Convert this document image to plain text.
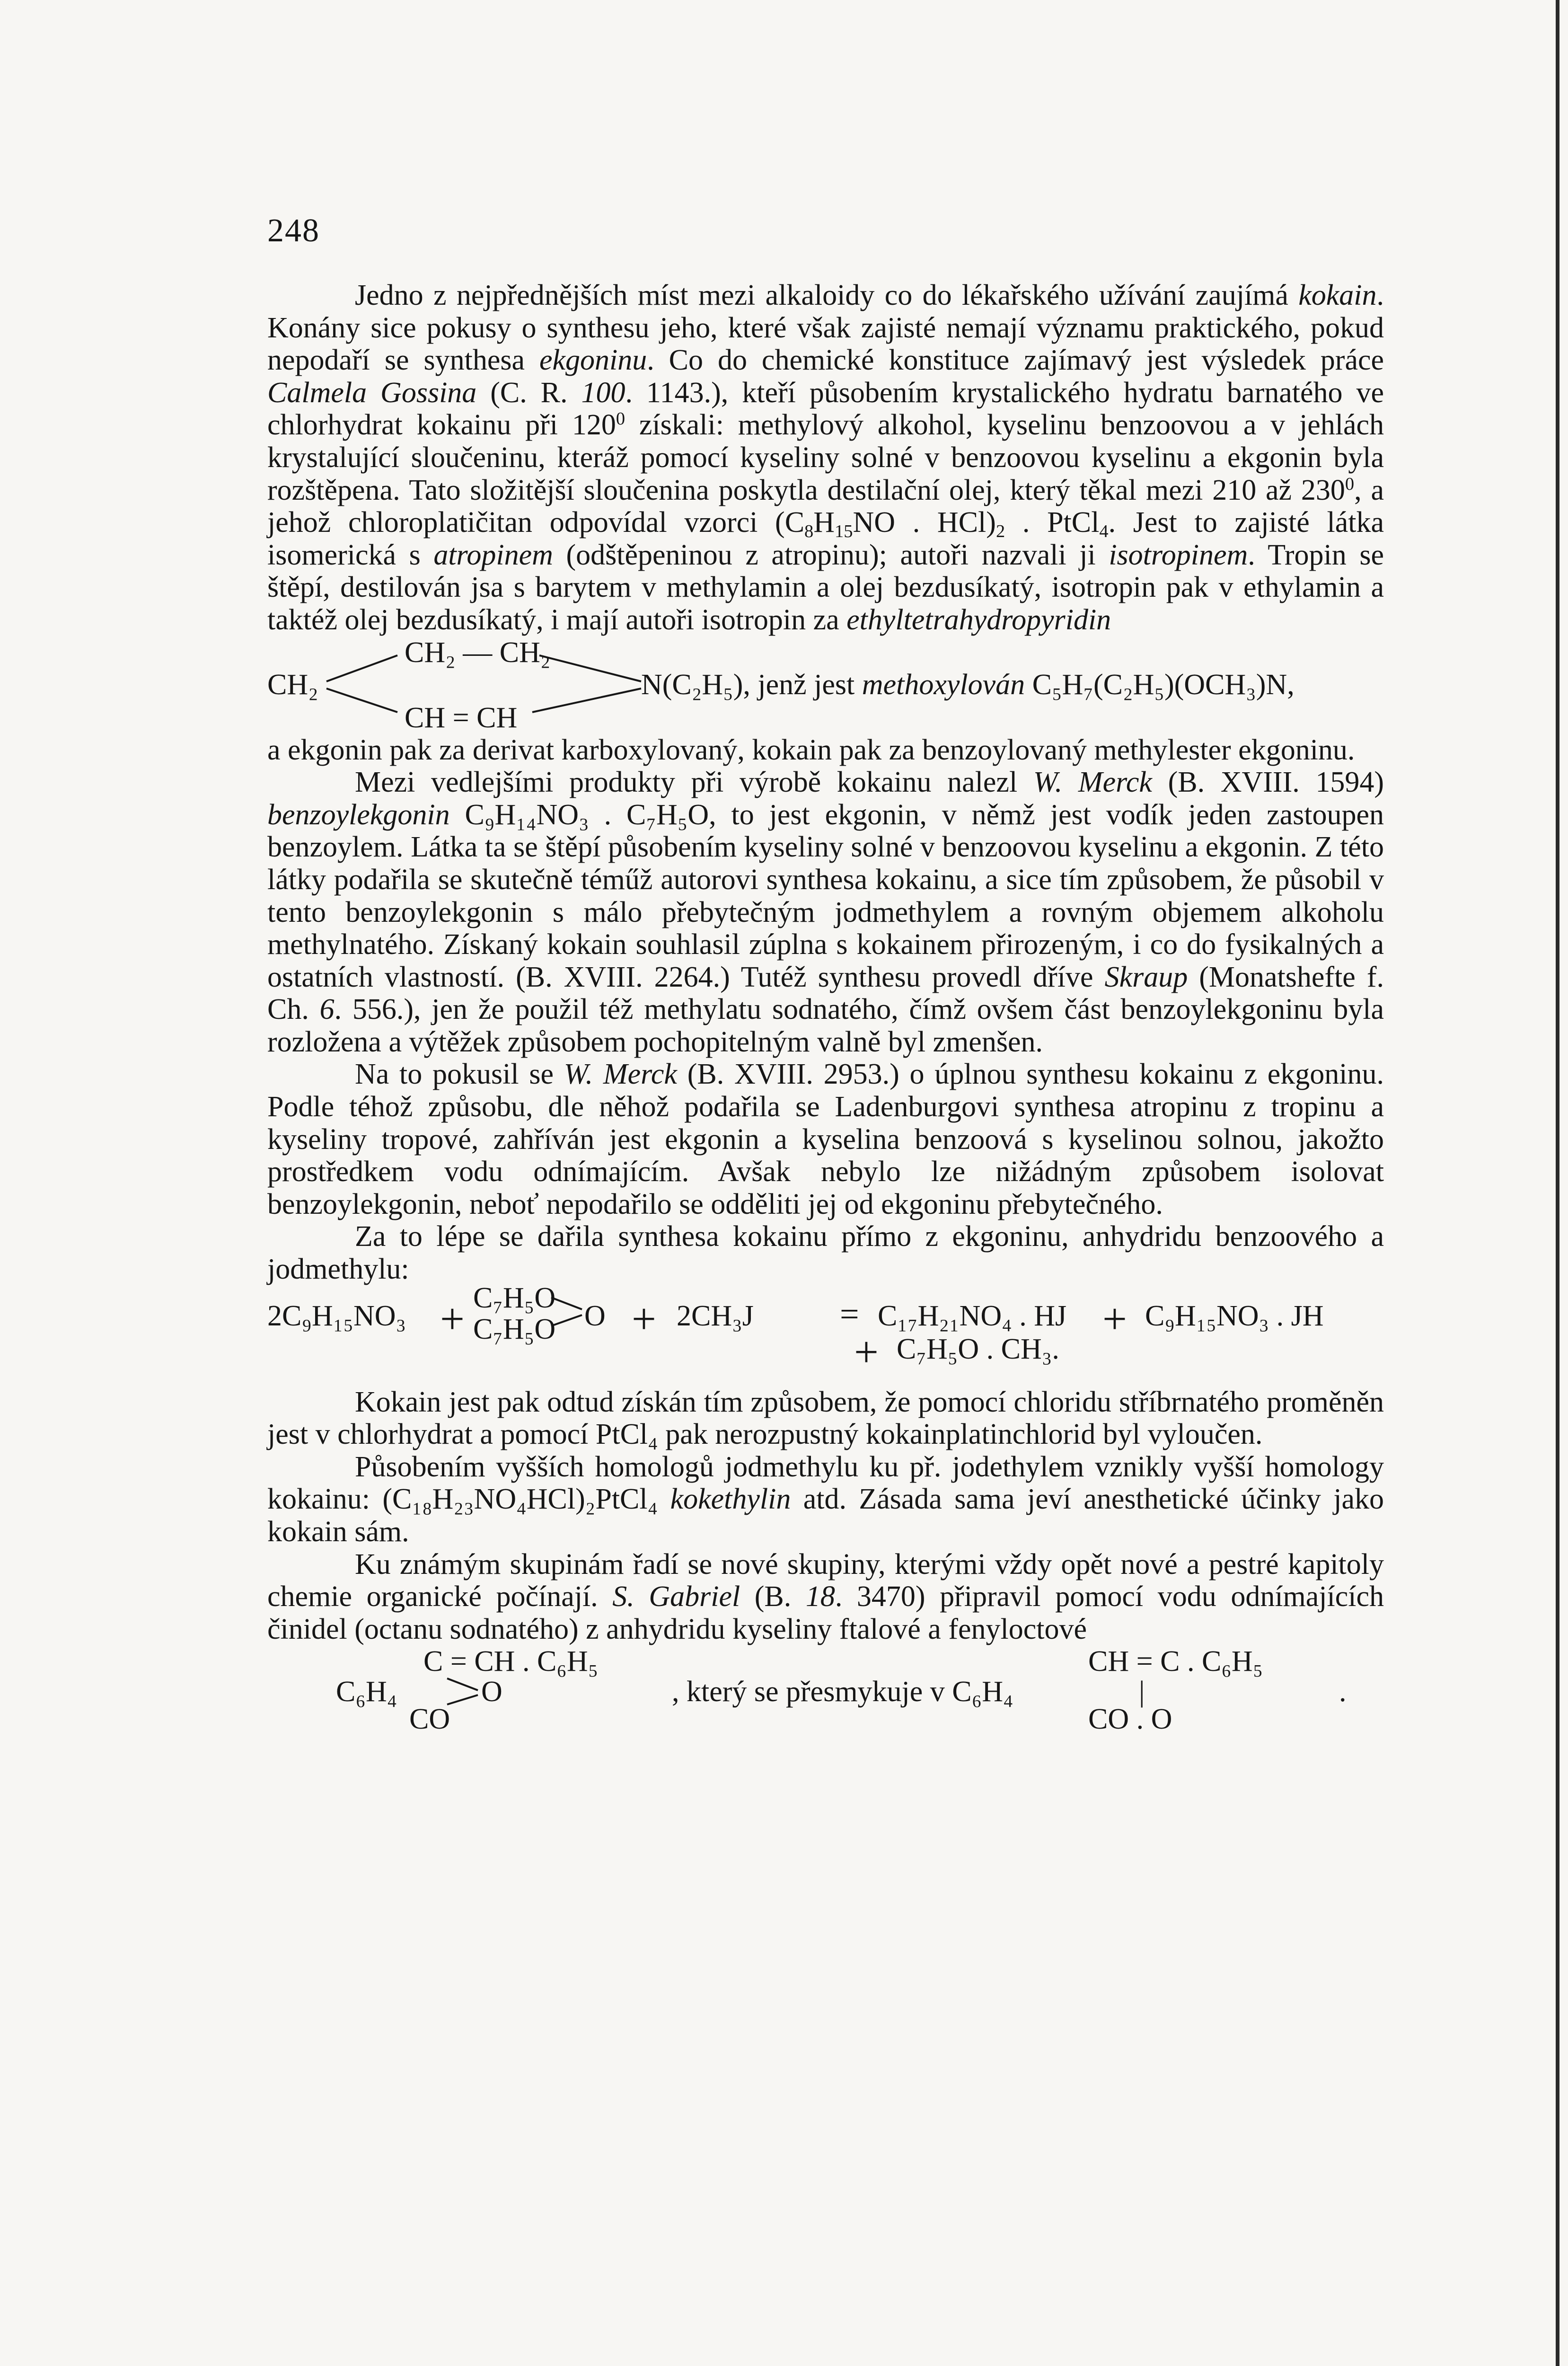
248

Jedno z nejpřednějších míst mezi alkaloidy co do lékařského užívání zaujímá kokain. Konány sice pokusy o synthesu jeho, které však zajisté nemají významu praktického, pokud nepodaří se synthesa ekgoninu. Co do chemické konstituce zajímavý jest výsledek práce Calmela Gossina (C. R. 100. 1143.), kteří působením krystalického hydratu barnatého ve chlorhydrat kokainu při $120^0$ získali: methylový alkohol, kyselinu benzoovou a v jehlách krystalující sloučeninu, kteráž pomocí kyseliny solné v benzoovou kyselinu a ekgonin byla rozštěpena. Tato složitější sloučenina poskytla destilační olej, který těkal mezi 210 až $230^0$, a jehož chloroplatičitan odpovídal vzorci ($C_8H_{15}NO$ . $HCl)_2$ . PtCl$_4$. Jest to zajisté látka isomerická s atropinem (odštěpeninou z atropinu); autoři nazvali ji isotropinem. Tropin se štěpí, destilován jsa s barytem v methylamin a olej bezdusíkatý, isotropin pak v ethylamin a taktéž olej bezdusíkatý, i mají autoři isotropin za ethyltetrahydropyridin

CH₂ — CH₂
CH₂
CH = CH
N(C₂H₅), jenž jest methoxylován C₅H₇(C₂H₅)(OCH₃)N,

a ekgonin pak za derivat karboxylovaný, kokain pak za benzoylovaný methylester ekgoninu.

Mezi vedlejšími produkty při výrobě kokainu nalezl W. Merck (B. XVIII. 1594) benzoylekgonin C₉H₁₄NO₃ . C₇H₅O, to jest ekgonin, v němž jest vodík jeden zastoupen benzoylem. Látka ta se štěpí působením kyseliny solné v benzoovou kyselinu a ekgonin. Z této látky podařila se skutečně téműž autorovi synthesa kokainu, a sice tím způsobem, že působil v tento benzoylekgonin s málo přebytečným jodmethylem a rovným objemem alkoholu methylnatého. Získaný kokain souhlasil zúplna s kokainem přirozeným, i co do fysikalných a ostatních vlastností. (B. XVIII. 2264.) Tutéž synthesu provedl dříve Skraup (Monatshefte f. Ch. 6. 556.), jen že použil též methylatu sodnatého, čímž ovšem část benzoylekgoninu byla rozložena a výtěžek způsobem pochopitelným valně byl zmenšen.

Na to pokusil se W. Merck (B. XVIII. 2953.) o úplnou synthesu kokainu z ekgoninu. Podle téhož způsobu, dle něhož podařila se Ladenburgovi synthesa atropinu z tropinu a kyseliny tropové, zahříván jest ekgonin a kyselina benzoová s kyselinou solnou, jakožto prostředkem vodu odnímajícím. Avšak nebylo lze nižádným způsobem isolovat benzoylekgonin, neboť nepodařilo se odděliti jej od ekgoninu přebytečného.

Za to lépe se dařila synthesa kokainu přímo z ekgoninu, anhydridu benzoového a jodmethylu:

2C₉H₁₅NO₃ + C₇H₅O
C₇H₅O O + 2CH₃J	= C₁₇H₂₁NO₄ . HJ + C₉H₁₅NO₃ . JH
+ C₇H₅O . CH₃.

Kokain jest pak odtud získán tím způsobem, že pomocí chloridu stříbrnatého proměněn jest v chlorhydrat a pomocí PtCl₄ pak nerozpustný kokainplatinchlorid byl vyloučen.

Působením vyšších homologů jodmethylu ku př. jodethylem vznikly vyšší homology kokainu: (C₁₈H₂₃NO₄HCl)₂PtCl₄ kokethylin atd. Zásada sama jeví anesthetické účinky jako kokain sám.

Ku známým skupinám řadí se nové skupiny, kterými vždy opět nové a pestré kapitoly chemie organické počínají. S. Gabriel (B. 18. 3470) připravil pomocí vodu odnímajících činidel (octanu sodnatého) z anhydridu kyseliny ftalové a fenyloctové

C = CH . C₆H₅
C₆H₄	O
CO
, který se přesmykuje v C₆H₄
CH = C . C₆H₅
|
CO . O
.
